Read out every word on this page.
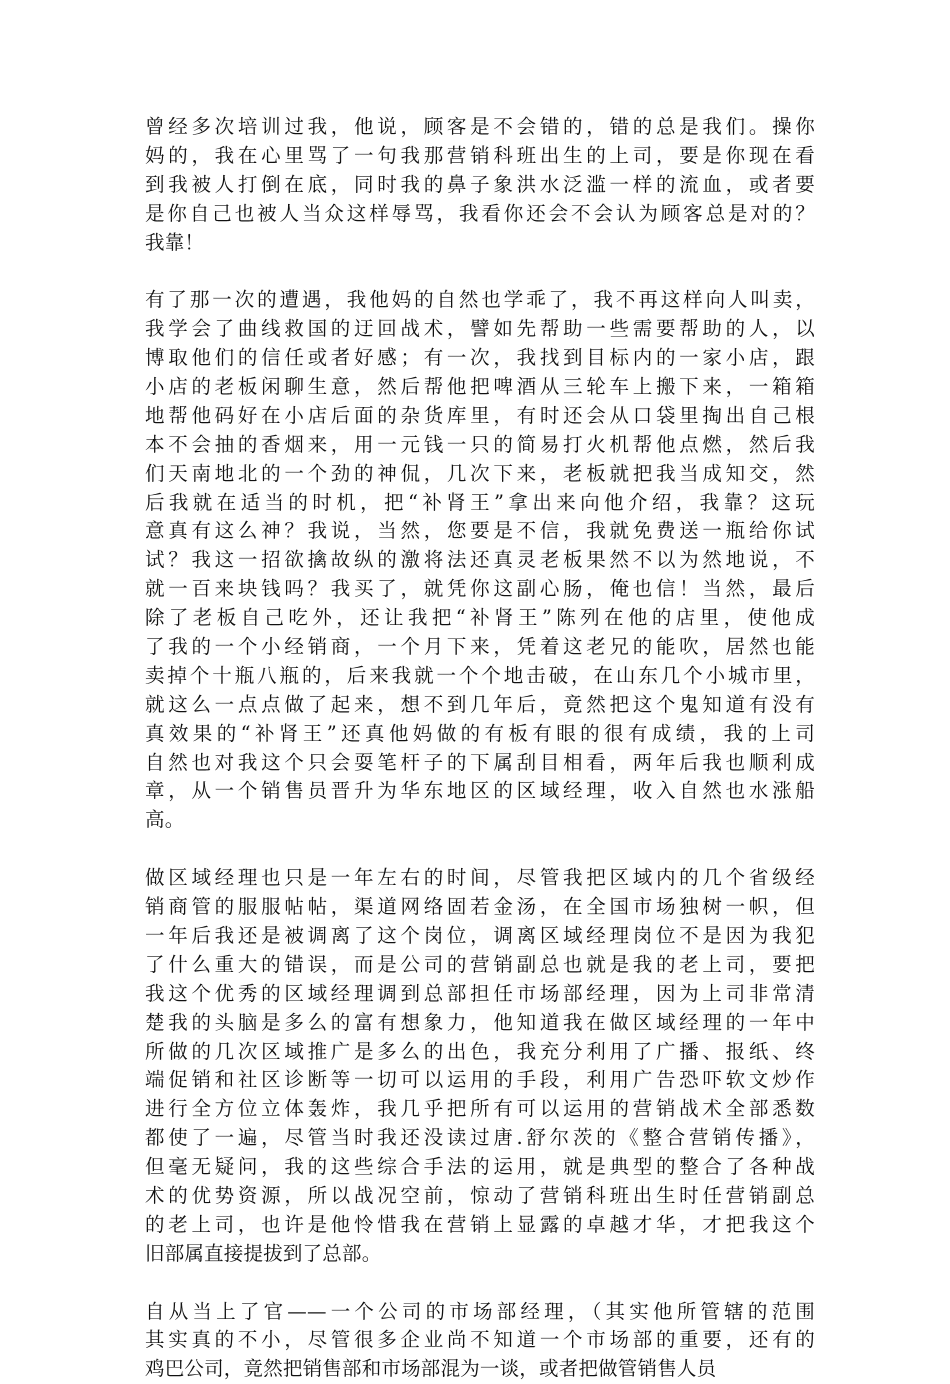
曾经多次培训过我，他说，顾客是不会错的，错的总是我们。操你
妈的，我在心里骂了一句我那营销科班出生的上司，要是你现在看
到我被人打倒在底，同时我的鼻子象洪水泛滥一样的流血，或者要
是你自己也被人当众这样辱骂，我看你还会不会认为顾客总是对的？
我靠！
有了那一次的遭遇，我他妈的自然也学乖了，我不再这样向人叫卖，
我学会了曲线救国的迂回战术，譬如先帮助一些需要帮助的人，以
博取他们的信任或者好感；有一次，我找到目标内的一家小店，跟
小店的老板闲聊生意，然后帮他把啤酒从三轮车上搬下来，一箱箱
地帮他码好在小店后面的杂货库里，有时还会从口袋里掏出自己根
本不会抽的香烟来，用一元钱一只的简易打火机帮他点燃，然后我
们天南地北的一个劲的神侃，几次下来，老板就把我当成知交，然
后我就在适当的时机，把“补肾王”拿出来向他介绍，我靠？这玩
意真有这么神？我说，当然，您要是不信，我就免费送一瓶给你试
试？我这一招欲擒故纵的激将法还真灵老板果然不以为然地说，不
就一百来块钱吗？我买了，就凭你这副心肠，俺也信！当然，最后
除了老板自己吃外，还让我把“补肾王”陈列在他的店里，使他成
了我的一个小经销商，一个月下来，凭着这老兄的能吹，居然也能
卖掉个十瓶八瓶的，后来我就一个个地击破，在山东几个小城市里，
就这么一点点做了起来，想不到几年后，竟然把这个鬼知道有没有
真效果的“补肾王”还真他妈做的有板有眼的很有成绩，我的上司
自然也对我这个只会耍笔杆子的下属刮目相看，两年后我也顺利成
章，从一个销售员晋升为华东地区的区域经理，收入自然也水涨船
高。
做区域经理也只是一年左右的时间，尽管我把区域内的几个省级经
销商管的服服帖帖，渠道网络固若金汤，在全国市场独树一帜，但
一年后我还是被调离了这个岗位，调离区域经理岗位不是因为我犯
了什么重大的错误，而是公司的营销副总也就是我的老上司，要把
我这个优秀的区域经理调到总部担任市场部经理，因为上司非常清
楚我的头脑是多么的富有想象力，他知道我在做区域经理的一年中
所做的几次区域推广是多么的出色，我充分利用了广播、报纸、终
端促销和社区诊断等一切可以运用的手段，利用广告恐吓软文炒作
进行全方位立体轰炸，我几乎把所有可以运用的营销战术全部悉数
都使了一遍，尽管当时我还没读过唐.舒尔茨的《整合营销传播》，
但毫无疑问，我的这些综合手法的运用，就是典型的整合了各种战
术的优势资源，所以战况空前，惊动了营销科班出生时任营销副总
的老上司，也许是他怜惜我在营销上显露的卓越才华，才把我这个
旧部属直接提拔到了总部。
自从当上了官——一个公司的市场部经理，（其实他所管辖的范围
其实真的不小，尽管很多企业尚不知道一个市场部的重要，还有的
鸡巴公司，竟然把销售部和市场部混为一谈，或者把做管销售人员
